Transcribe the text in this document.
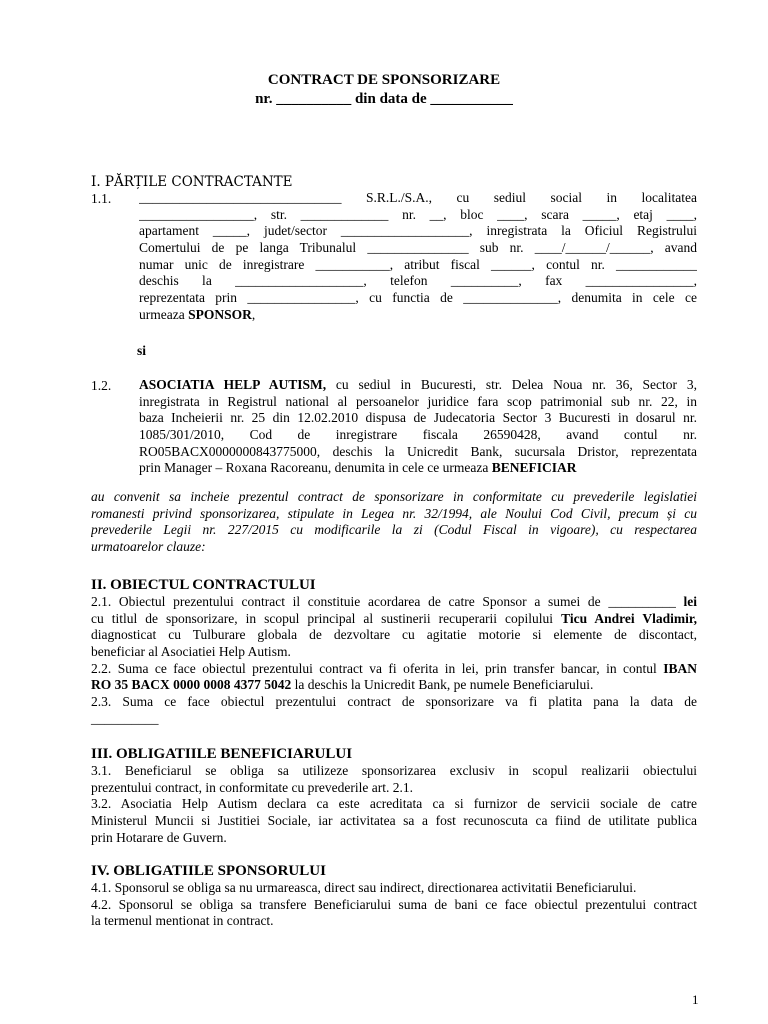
CONTRACT DE SPONSORIZARE
nr. __________ din data de ___________
I. PĂRȚILE CONTRACTANTE
1.1. ______________________________ S.R.L./S.A., cu sediul social in localitatea
_________________, str. _____________ nr. __, bloc ____, scara _____, etaj ____,
apartament _____, judet/sector ___________________, inregistrata la Oficiul Registrului
Comertului de pe langa Tribunalul _______________ sub nr. ____/______/______, avand
numar unic de inregistrare ___________, atribut fiscal ______, contul nr. ____________
deschis la ___________________, telefon __________, fax ________________,
reprezentata prin ________________, cu functia de ______________, denumita in cele ce
urmeaza SPONSOR,
si
1.2. ASOCIATIA HELP AUTISM, cu sediul in Bucuresti, str. Delea Noua nr. 36, Sector 3,
inregistrata in Registrul national al persoanelor juridice fara scop patrimonial sub nr. 22, in
baza Incheierii nr. 25 din 12.02.2010 dispusa de Judecatoria Sector 3 Bucuresti in dosarul nr.
1085/301/2010, Cod de inregistrare fiscala 26590428, avand contul nr.
RO05BACX0000000843775000, deschis la Unicredit Bank, sucursala Dristor, reprezentata
prin Manager – Roxana Racoreanu, denumita in cele ce urmeaza BENEFICIAR
au convenit sa incheie prezentul contract de sponsorizare in conformitate cu prevederile legislatiei
romanesti privind sponsorizarea, stipulate in Legea nr. 32/1994, ale Noului Cod Civil, precum și cu
prevederile Legii nr. 227/2015 cu modificarile la zi (Codul Fiscal in vigoare), cu respectarea
urmatoarelor clauze:
II. OBIECTUL CONTRACTULUI
2.1. Obiectul prezentului contract il constituie acordarea de catre Sponsor a sumei de __________ lei
cu titlul de sponsorizare, in scopul principal al sustinerii recuperarii copilului Ticu Andrei Vladimir,
diagnosticat cu Tulburare globala de dezvoltare cu agitatie motorie si elemente de discontact,
beneficiar al Asociatiei Help Autism.
2.2. Suma ce face obiectul prezentului contract va fi oferita in lei, prin transfer bancar, in contul IBAN
RO 35 BACX 0000 0008 4377 5042 la deschis la Unicredit Bank, pe numele Beneficiarului.
2.3. Suma ce face obiectul prezentului contract de sponsorizare va fi platita pana la data de
__________
III. OBLIGATIILE BENEFICIARULUI
3.1. Beneficiarul se obliga sa utilizeze sponsorizarea exclusiv in scopul realizarii obiectului
prezentului contract, in conformitate cu prevederile art. 2.1.
3.2. Asociatia Help Autism declara ca este acreditata ca si furnizor de servicii sociale de catre
Ministerul Muncii si Justitiei Sociale, iar activitatea sa a fost recunoscuta ca fiind de utilitate publica
prin Hotarare de Guvern.
IV. OBLIGATIILE SPONSORULUI
4.1. Sponsorul se obliga sa nu urmareasca, direct sau indirect, directionarea activitatii Beneficiarului.
4.2. Sponsorul se obliga sa transfere Beneficiarului suma de bani ce face obiectul prezentului contract
la termenul mentionat in contract.
1
